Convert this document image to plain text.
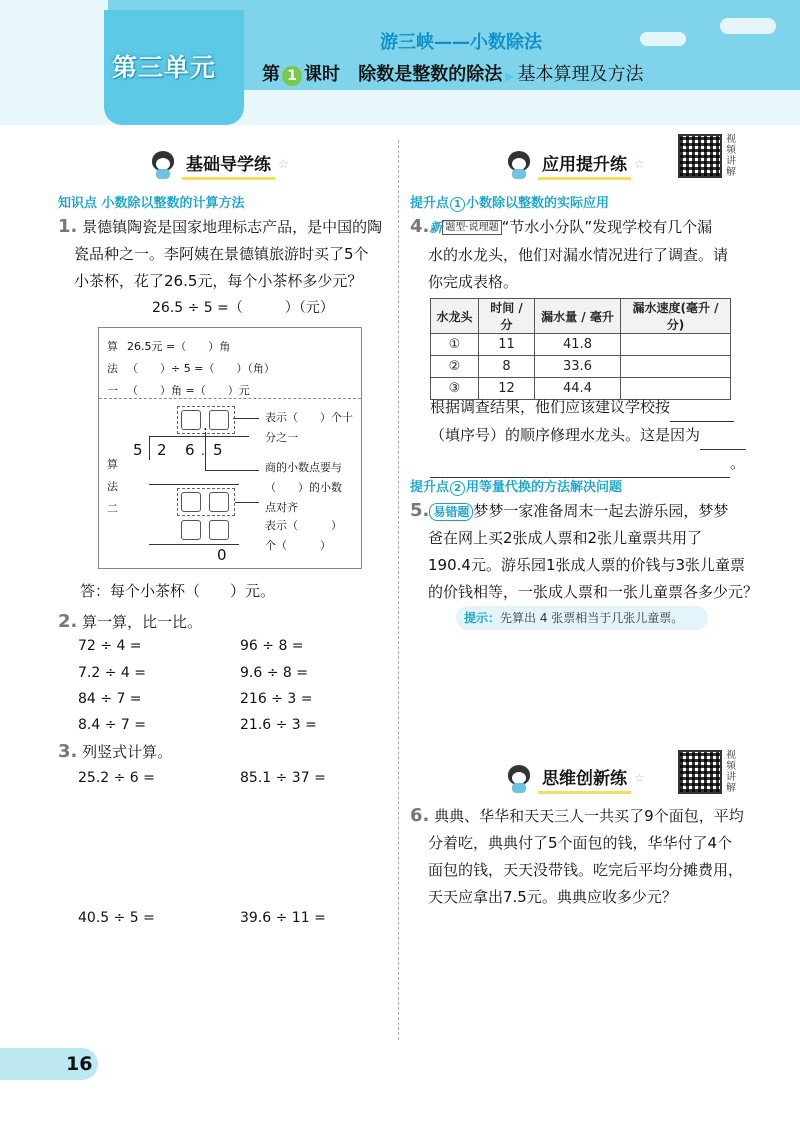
第三单元
游三峡——小数除法
第 1 课时 除数是整数的除法 ▶ 基本算理及方法
基础导学练 ☆
知识点 小数除以整数的计算方法
1. 景德镇陶瓷是国家地理标志产品，是中国的陶
瓷品种之一。李阿姨在景德镇旅游时买了5个
小茶杯，花了26.5元，每个小茶杯多少元？
26.5 ÷ 5 =（　　　）（元）
算
法
一
26.5元 =（　　）角
（　　）÷ 5 =（　　）（角）
（　　）角 =（　　）元
算
法
二
.
5 2 6 . 5
0
表示（　　）个十
分之一
商的小数点要与
（　　）的小数
点对齐
表示（　　　）
个（　　　）
答：每个小茶杯（　　）元。
2. 算一算，比一比。
72 ÷ 4 =	96 ÷ 8 =
7.2 ÷ 4 =	9.6 ÷ 8 =
84 ÷ 7 =	216 ÷ 3 =
8.4 ÷ 7 =	21.6 ÷ 3 =
3. 列竖式计算。
25.2 ÷ 6 =	85.1 ÷ 37 =
40.5 ÷ 5 =	39.6 ÷ 11 =
应用提升练 ☆
视频讲解
提升点 1 小数除以整数的实际应用
4.新 题型·说理题 “节水小分队”发现学校有几个漏
水的水龙头，他们对漏水情况进行了调查。请
你完成表格。
水龙头	时间 / 分	漏水量 / 毫升	漏水速度(毫升 / 分)
①	11	41.8	
②	8	33.6	
③	12	44.4	
根据调查结果，他们应该建议学校按
（填序号）的顺序修理水龙头。这是因为
。
提升点 2 用等量代换的方法解决问题
5. 易错题 梦梦一家准备周末一起去游乐园，梦梦
爸在网上买2张成人票和2张儿童票共用了
190.4元。游乐园1张成人票的价钱与3张儿童票
的价钱相等，一张成人票和一张儿童票各多少元？
提示：先算出 4 张票相当于几张儿童票。
思维创新练 ☆
视频讲解
6. 典典、华华和天天三人一共买了9个面包，平均
分着吃，典典付了5个面包的钱，华华付了4个
面包的钱，天天没带钱。吃完后平均分摊费用，
天天应拿出7.5元。典典应收多少元？
16
